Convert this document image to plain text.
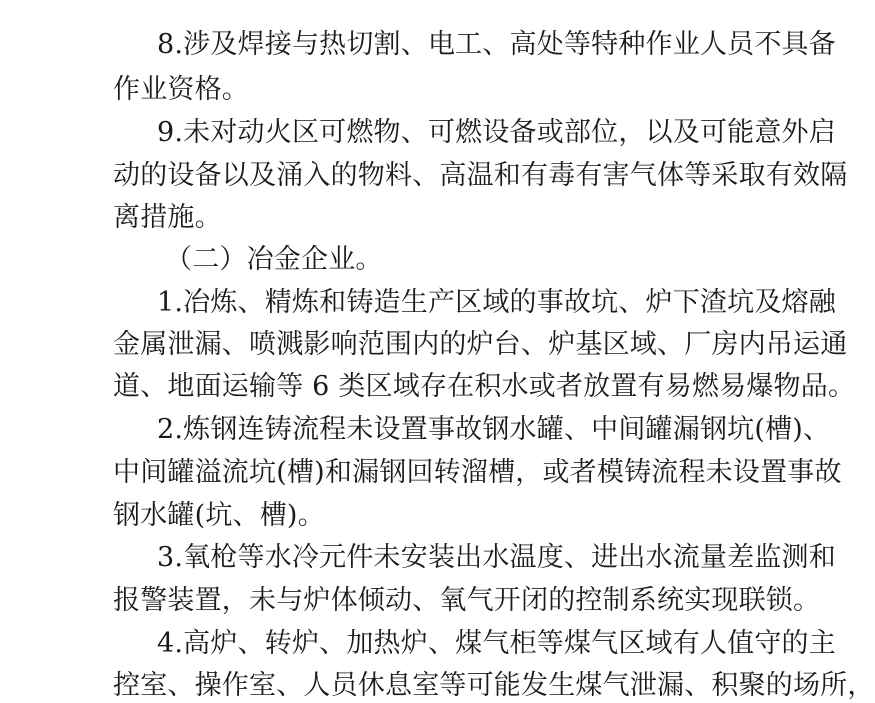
8.涉及焊接与热切割、电工、高处等特种作业人员不具备
作业资格。
9.未对动火区可燃物、可燃设备或部位，以及可能意外启
动的设备以及涌入的物料、高温和有毒有害气体等采取有效隔
离措施。
（二）冶金企业。
1.冶炼、精炼和铸造生产区域的事故坑、炉下渣坑及熔融
金属泄漏、喷溅影响范围内的炉台、炉基区域、厂房内吊运通
道、地面运输等 6 类区域存在积水或者放置有易燃易爆物品。
2.炼钢连铸流程未设置事故钢水罐、中间罐漏钢坑(槽)、
中间罐溢流坑(槽)和漏钢回转溜槽，或者模铸流程未设置事故
钢水罐(坑、槽)。
3.氧枪等水冷元件未安装出水温度、进出水流量差监测和
报警装置，未与炉体倾动、氧气开闭的控制系统实现联锁。
4.高炉、转炉、加热炉、煤气柜等煤气区域有人值守的主
控室、操作室、人员休息室等可能发生煤气泄漏、积聚的场所，
